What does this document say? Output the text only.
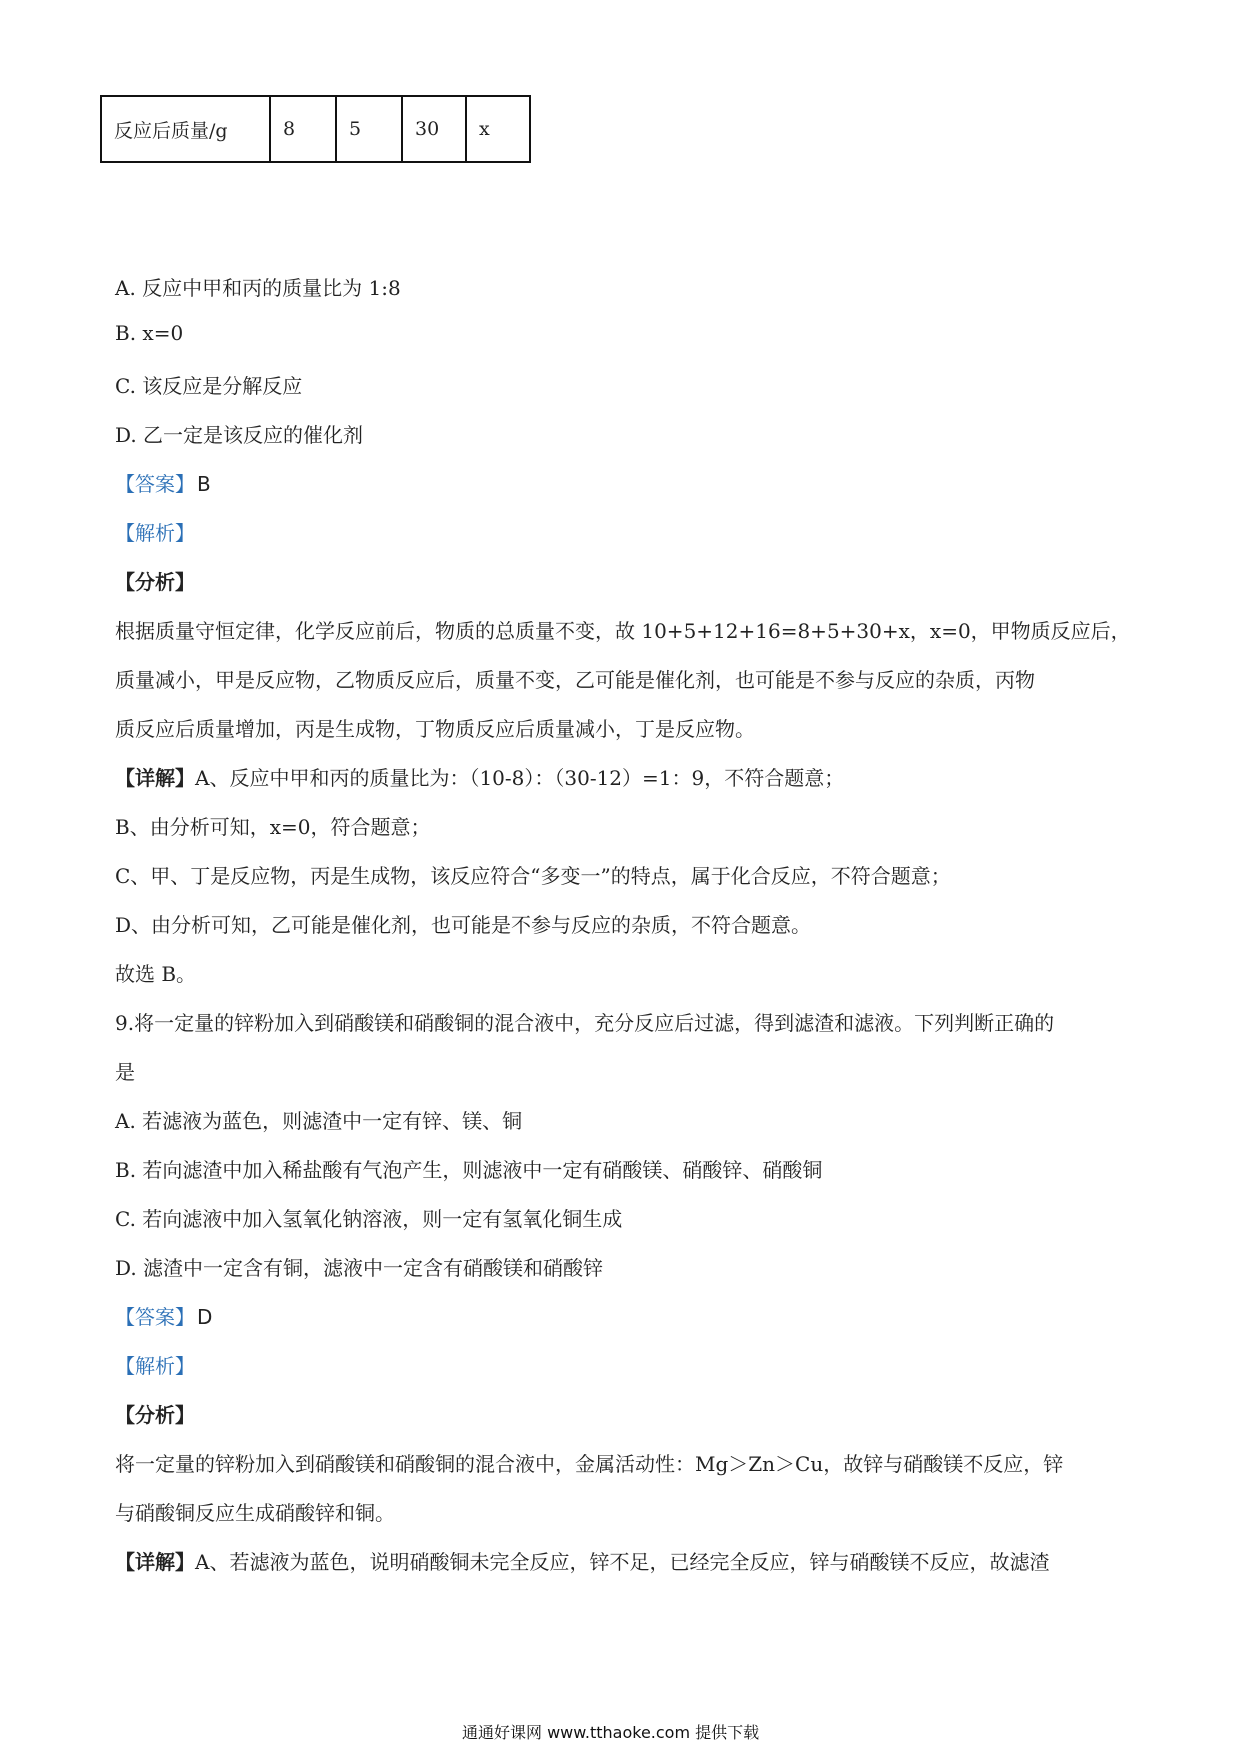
反应后质量/g	8	5	30	x
A. 反应中甲和丙的质量比为 1:8
B. x=0
C. 该反应是分解反应
D. 乙一定是该反应的催化剂
【答案】 B
【解析】
【分析】
根据质量守恒定律，化学反应前后，物质的总质量不变，故 10+5+12+16=8+5+30+x，x=0，甲物质反应后，
质量减小，甲是反应物，乙物质反应后，质量不变，乙可能是催化剂，也可能是不参与反应的杂质，丙物
质反应后质量增加，丙是生成物，丁物质反应后质量减小，丁是反应物。
【详解】A、反应中甲和丙的质量比为：（10-8）：（30-12）=1：9，不符合题意；
B、由分析可知，x=0，符合题意；
C、甲、丁是反应物，丙是生成物，该反应符合“多变一”的特点，属于化合反应，不符合题意；
D、由分析可知，乙可能是催化剂，也可能是不参与反应的杂质，不符合题意。
故选 B。
9.将一定量的锌粉加入到硝酸镁和硝酸铜的混合液中，充分反应后过滤，得到滤渣和滤液。下列判断正确的
是
A. 若滤液为蓝色，则滤渣中一定有锌、镁、铜
B. 若向滤渣中加入稀盐酸有气泡产生，则滤液中一定有硝酸镁、硝酸锌、硝酸铜
C. 若向滤液中加入氢氧化钠溶液，则一定有氢氧化铜生成
D. 滤渣中一定含有铜，滤液中一定含有硝酸镁和硝酸锌
【答案】 D
【解析】
【分析】
将一定量的锌粉加入到硝酸镁和硝酸铜的混合液中，金属活动性：Mg＞Zn＞Cu，故锌与硝酸镁不反应，锌
与硝酸铜反应生成硝酸锌和铜。
【详解】A、若滤液为蓝色，说明硝酸铜未完全反应，锌不足，已经完全反应，锌与硝酸镁不反应，故滤渣
通通好课网 www.tthaoke.com 提供下载
